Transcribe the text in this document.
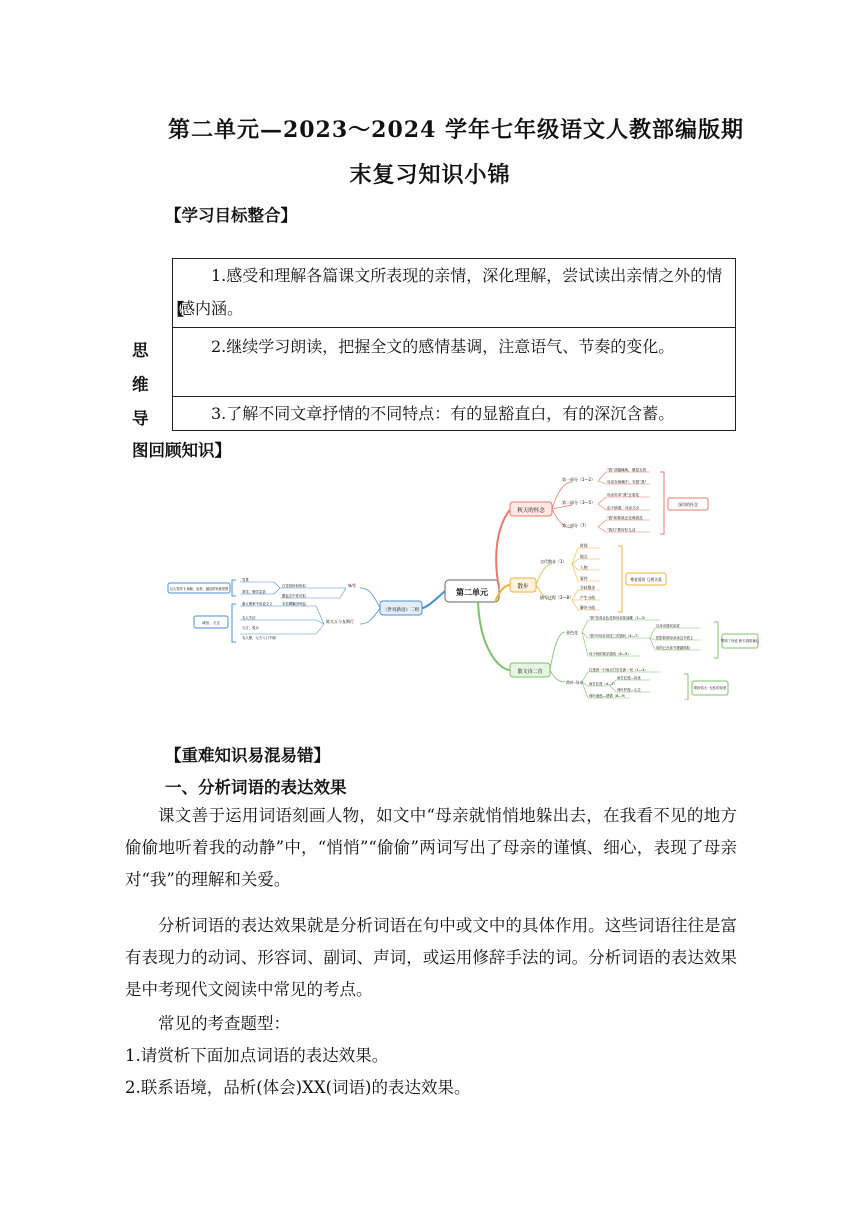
第二单元—2023～2024 学年七年级语文人教部编版期
末复习知识小锦
【学习目标整合】
1.感受和理解各篇课文所表现的亲情，深化理解，尝试读出亲情之外的情感内涵。

2.继续学习朗读，把握全文的感情基调，注意语气、节奏的变化。

3.了解不同文章抒情的不同特点：有的显豁直白，有的深沉含蓄。
【
思
维
导
图回顾知识】
第二单元
秋天的怀念
第一部分（1—2）
第二部分（3—5）
第三部分（7）
"我"双腿瘫痪，暴怒无常
母亲在病痛中，安慰"我"
母亲央求"我"去看花
由于病重，母亲儿女
"我"和妹妹去北海看花
"我们"要好好儿活
深切的怀念
散步
交代散步（1）
描写过程（2—8）
时间
地点
人物
事件
分歧散步
产生分歧
解决分歧
尊老爱幼 互相关爱
散文诗二首
金色花
荷叶·母亲
"我"变成金色花和母亲捉迷藏（1—3）
"我"向母亲讲述三次嬉戏（4—7）
母子间的欢乐嬉戏（8—9）
红莲被一只雨点打后在新一切（1—3）
雨打红莲（4—7）
荷叶遮莲—感情（8—9）
以母亲嬉戏欣赏
把影影照母亲读过书看上
用的已在读书捷越领取
雨打红莲—担忧
荷叶护莲—心生
赞颂了母爱 和天真的童心
颂扬伟大 ·无私的母爱
《世说新语》二则
咏雪
陈太丘与友期行
白雪纷纷何所似
撒盐空中差可拟
未若柳絮因风起
雪景
寒雪，骤雪急甚
谢太傅家中讲论文义
友人失信
元方，驳斥
友人惭，元方入门不顾
以大雪纷飞 和睦、轻松、融洽的家庭氛围
诚信、方正
【重难知识易混易错】
一、分析词语的表达效果
课文善于运用词语刻画人物，如文中“母亲就悄悄地躲出去，在我看不见的地方偷偷地听着我的动静”中，“悄悄”“偷偷”两词写出了母亲的谨慎、细心，表现了母亲对“我”的理解和关爱。
分析词语的表达效果就是分析词语在句中或文中的具体作用。这些词语往往是富有表现力的动词、形容词、副词、声词，或运用修辞手法的词。分析词语的表达效果是中考现代文阅读中常见的考点。
常见的考查题型：
1.请赏析下面加点词语的表达效果。
2.联系语境，品析(体会)XX(词语)的表达效果。
